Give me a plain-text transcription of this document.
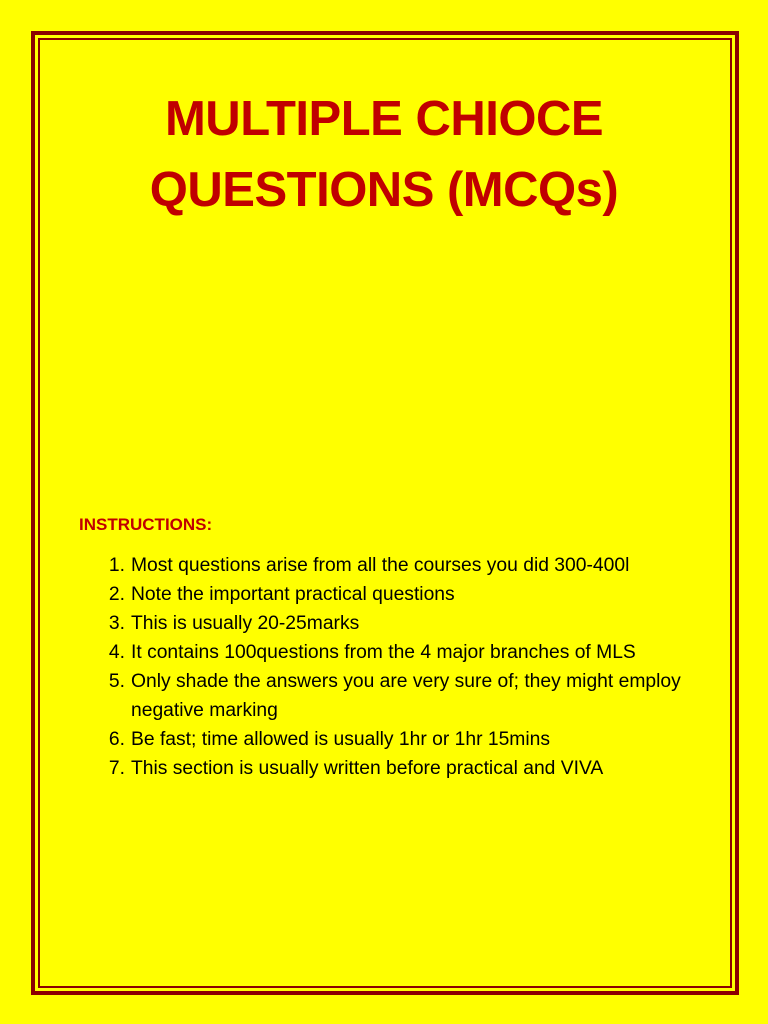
MULTIPLE CHIOCE
QUESTIONS (MCQs)
INSTRUCTIONS:
1. Most questions arise from all the courses you did 300-400l
2. Note the important practical questions
3. This is usually 20-25marks
4. It contains 100questions from the 4 major branches of MLS
5. Only shade the answers you are very sure of; they might employ negative marking
6. Be fast; time allowed is usually 1hr or 1hr 15mins
7. This section is usually written before practical and VIVA
